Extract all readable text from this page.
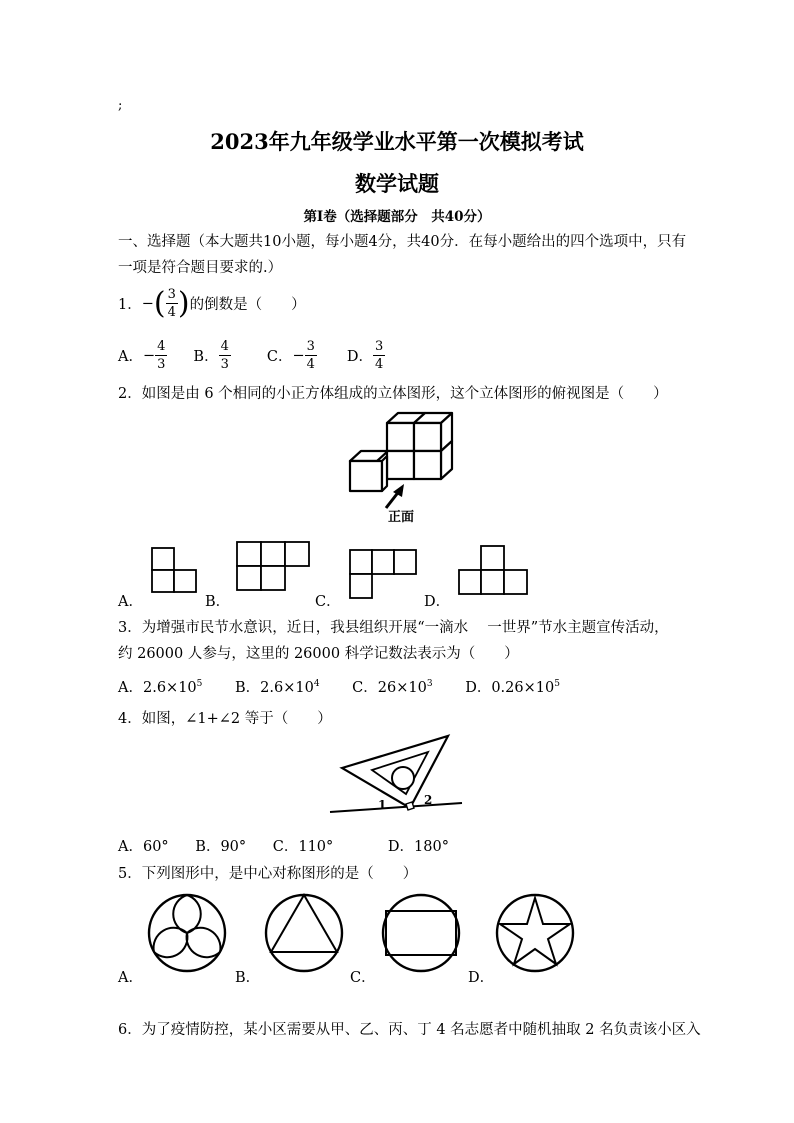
;
2023年九年级学业水平第一次模拟考试
数学试题
第Ⅰ卷（选择题部分　共40分）
一、选择题（本大题共10小题，每小题4分，共40分．在每小题给出的四个选项中，只有
一项是符合题目要求的.）
1． − ( $\frac{3}{4}$ ) 的倒数是（　　）
A． − $\frac{4}{3}$ B． $\frac{4}{3}$ C． − $\frac{3}{4}$ D． $\frac{3}{4}$
2．如图是由 6 个相同的小正方体组成的立体图形，这个立体图形的俯视图是（　　）
正面
A．	B．	C．	D．
3．为增强市民节水意识，近日，我县组织开展“一滴水　 一世界”节水主题宣传活动，
约 26000 人参与，这里的 26000 科学记数法表示为（　　）
A．$2.6\times 10^5$ B．$2.6\times 10^4$ C．$26\times 10^3$ D．$0.26\times 10^5$
4．如图，∠1+∠2 等于（　　）
1	2
A．60° B．90° C．110°	D．180°
5．下列图形中，是中心对称图形的是（　　）
A．	B．	C．	D．
6．为了疫情防控，某小区需要从甲、乙、丙、丁 4 名志愿者中随机抽取 2 名负责该小区入
